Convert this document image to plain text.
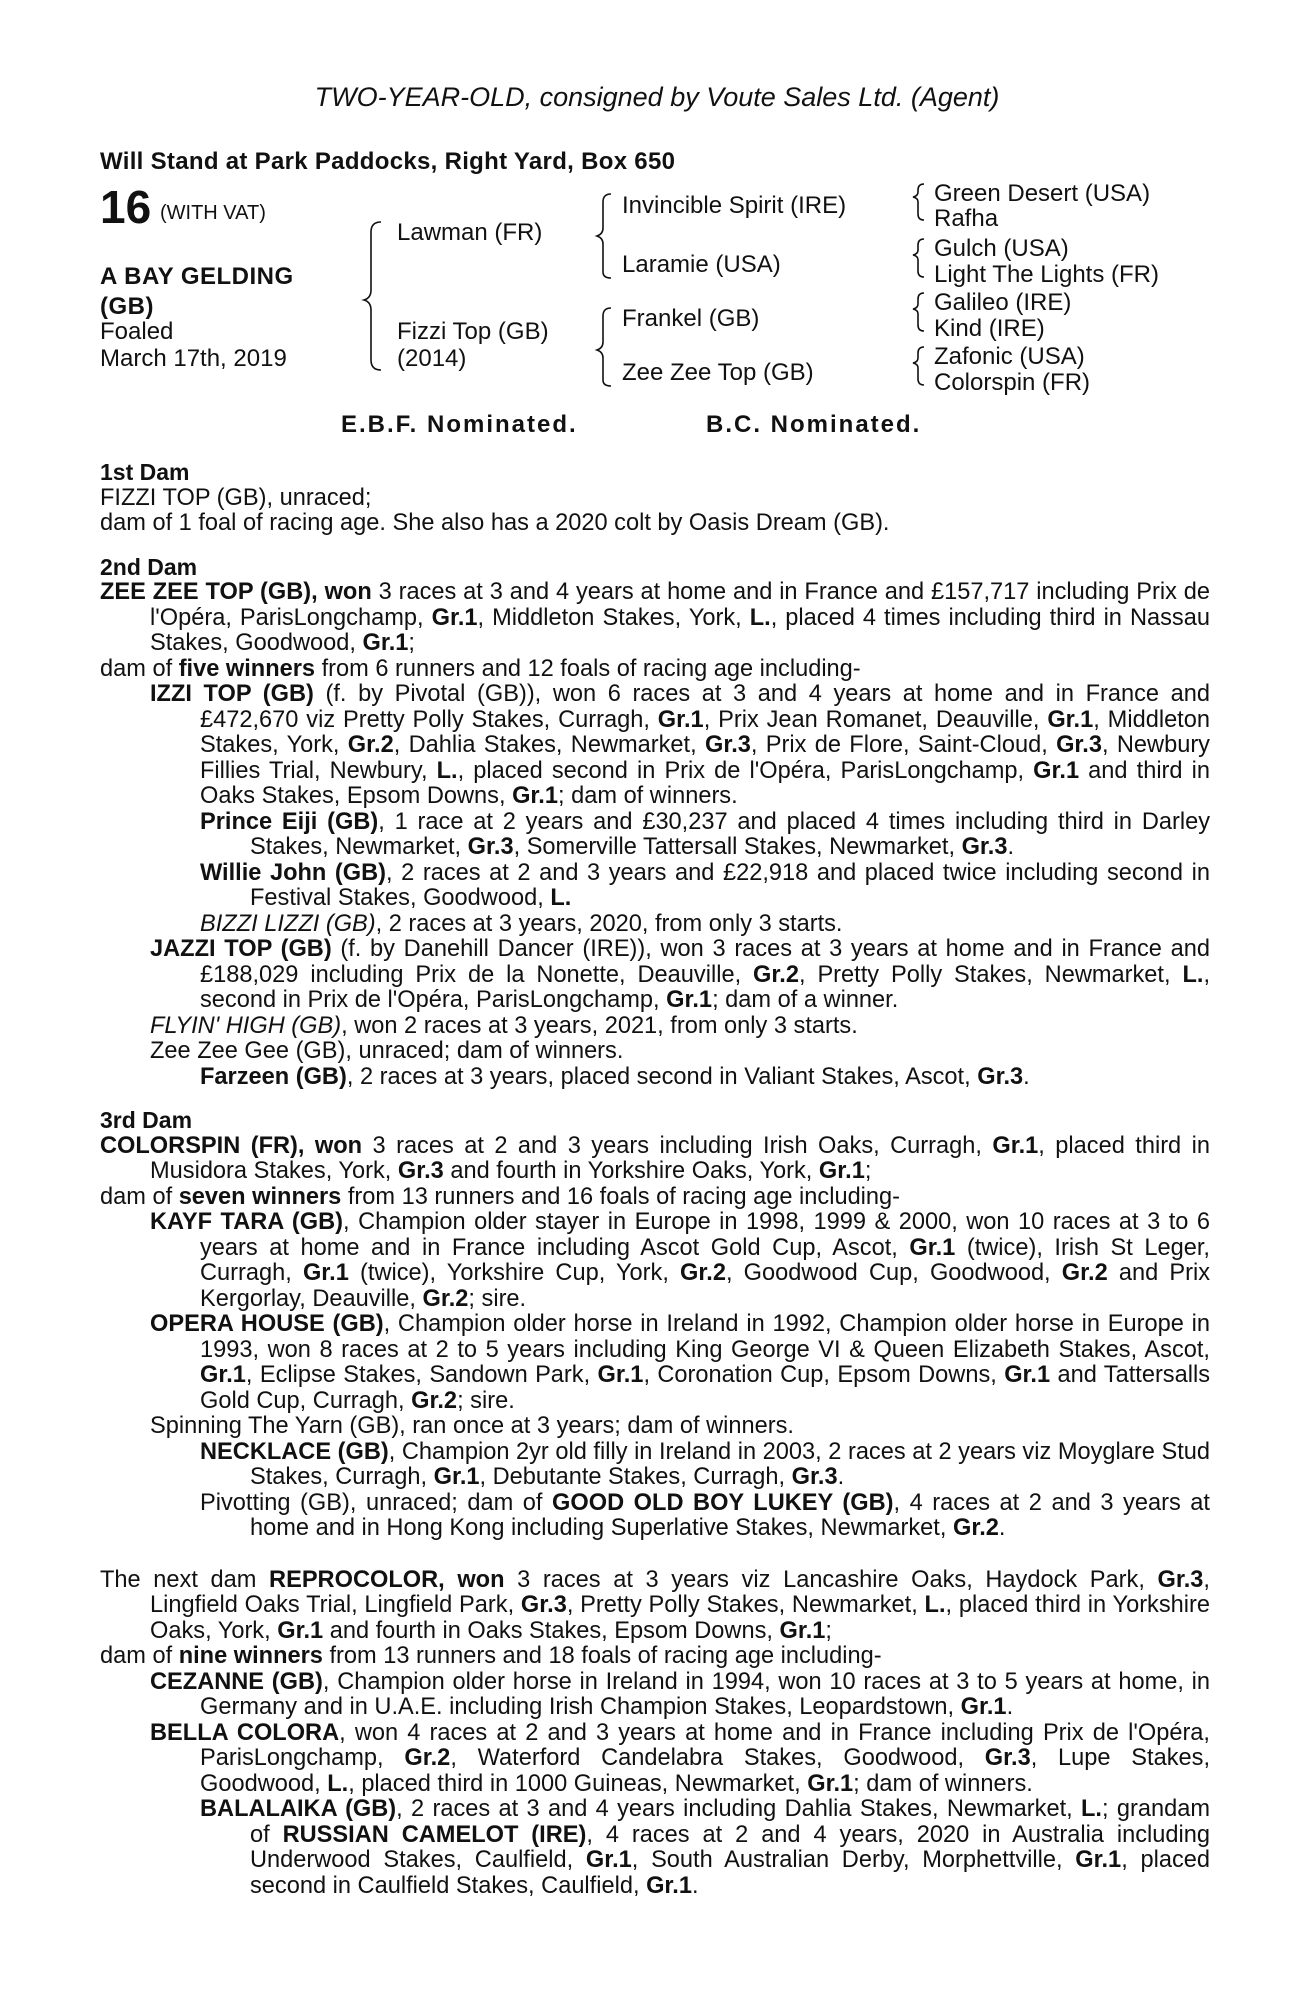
TWO-YEAR-OLD, consigned by Voute Sales Ltd. (Agent)
Will Stand at Park Paddocks, Right Yard, Box 650
16 (WITH VAT)
A BAY GELDING
(GB)
Foaled
March 17th, 2019
Lawman (FR)
Fizzi Top (GB)
(2014)
Invincible Spirit (IRE)
Laramie (USA)
Frankel (GB)
Zee Zee Top (GB)
Green Desert (USA)
Rafha
Gulch (USA)
Light The Lights (FR)
Galileo (IRE)
Kind (IRE)
Zafonic (USA)
Colorspin (FR)
E.B.F. Nominated.	B.C. Nominated.
1st Dam

FIZZI TOP (GB), unraced;
dam of 1 foal of racing age. She also has a 2020 colt by Oasis Dream (GB).

2nd Dam

ZEE ZEE TOP (GB), won 3 races at 3 and 4 years at home and in France and £157,717 including Prix de l'Opéra, ParisLongchamp, Gr.1, Middleton Stakes, York, L., placed 4 times including third in Nassau Stakes, Goodwood, Gr.1;

dam of five winners from 6 runners and 12 foals of racing age including-

IZZI TOP (GB) (f. by Pivotal (GB)), won 6 races at 3 and 4 years at home and in France and £472,670 viz Pretty Polly Stakes, Curragh, Gr.1, Prix Jean Romanet, Deauville, Gr.1, Middleton Stakes, York, Gr.2, Dahlia Stakes, Newmarket, Gr.3, Prix de Flore, Saint-Cloud, Gr.3, Newbury Fillies Trial, Newbury, L., placed second in Prix de l'Opéra, ParisLongchamp, Gr.1 and third in Oaks Stakes, Epsom Downs, Gr.1; dam of winners.

Prince Eiji (GB), 1 race at 2 years and £30,237 and placed 4 times including third in Darley Stakes, Newmarket, Gr.3, Somerville Tattersall Stakes, Newmarket, Gr.3.

Willie John (GB), 2 races at 2 and 3 years and £22,918 and placed twice including second in Festival Stakes, Goodwood, L.

BIZZI LIZZI (GB), 2 races at 3 years, 2020, from only 3 starts.

JAZZI TOP (GB) (f. by Danehill Dancer (IRE)), won 3 races at 3 years at home and in France and £188,029 including Prix de la Nonette, Deauville, Gr.2, Pretty Polly Stakes, Newmarket, L., second in Prix de l'Opéra, ParisLongchamp, Gr.1; dam of a winner.

FLYIN' HIGH (GB), won 2 races at 3 years, 2021, from only 3 starts.

Zee Zee Gee (GB), unraced; dam of winners.

Farzeen (GB), 2 races at 3 years, placed second in Valiant Stakes, Ascot, Gr.3.

3rd Dam

COLORSPIN (FR), won 3 races at 2 and 3 years including Irish Oaks, Curragh, Gr.1, placed third in Musidora Stakes, York, Gr.3 and fourth in Yorkshire Oaks, York, Gr.1;

dam of seven winners from 13 runners and 16 foals of racing age including-

KAYF TARA (GB), Champion older stayer in Europe in 1998, 1999 & 2000, won 10 races at 3 to 6 years at home and in France including Ascot Gold Cup, Ascot, Gr.1 (twice), Irish St Leger, Curragh, Gr.1 (twice), Yorkshire Cup, York, Gr.2, Goodwood Cup, Goodwood, Gr.2 and Prix Kergorlay, Deauville, Gr.2; sire.

OPERA HOUSE (GB), Champion older horse in Ireland in 1992, Champion older horse in Europe in 1993, won 8 races at 2 to 5 years including King George VI & Queen Elizabeth Stakes, Ascot, Gr.1, Eclipse Stakes, Sandown Park, Gr.1, Coronation Cup, Epsom Downs, Gr.1 and Tattersalls Gold Cup, Curragh, Gr.2; sire.

Spinning The Yarn (GB), ran once at 3 years; dam of winners.

NECKLACE (GB), Champion 2yr old filly in Ireland in 2003, 2 races at 2 years viz Moyglare Stud Stakes, Curragh, Gr.1, Debutante Stakes, Curragh, Gr.3.

Pivotting (GB), unraced; dam of GOOD OLD BOY LUKEY (GB), 4 races at 2 and 3 years at home and in Hong Kong including Superlative Stakes, Newmarket, Gr.2.

The next dam REPROCOLOR, won 3 races at 3 years viz Lancashire Oaks, Haydock Park, Gr.3, Lingfield Oaks Trial, Lingfield Park, Gr.3, Pretty Polly Stakes, Newmarket, L., placed third in Yorkshire Oaks, York, Gr.1 and fourth in Oaks Stakes, Epsom Downs, Gr.1;

dam of nine winners from 13 runners and 18 foals of racing age including-

CEZANNE (GB), Champion older horse in Ireland in 1994, won 10 races at 3 to 5 years at home, in Germany and in U.A.E. including Irish Champion Stakes, Leopardstown, Gr.1.

BELLA COLORA, won 4 races at 2 and 3 years at home and in France including Prix de l'Opéra, ParisLongchamp, Gr.2, Waterford Candelabra Stakes, Goodwood, Gr.3, Lupe Stakes, Goodwood, L., placed third in 1000 Guineas, Newmarket, Gr.1; dam of winners.

BALALAIKA (GB), 2 races at 3 and 4 years including Dahlia Stakes, Newmarket, L.; grandam of RUSSIAN CAMELOT (IRE), 4 races at 2 and 4 years, 2020 in Australia including Underwood Stakes, Caulfield, Gr.1, South Australian Derby, Morphettville, Gr.1, placed second in Caulfield Stakes, Caulfield, Gr.1.
